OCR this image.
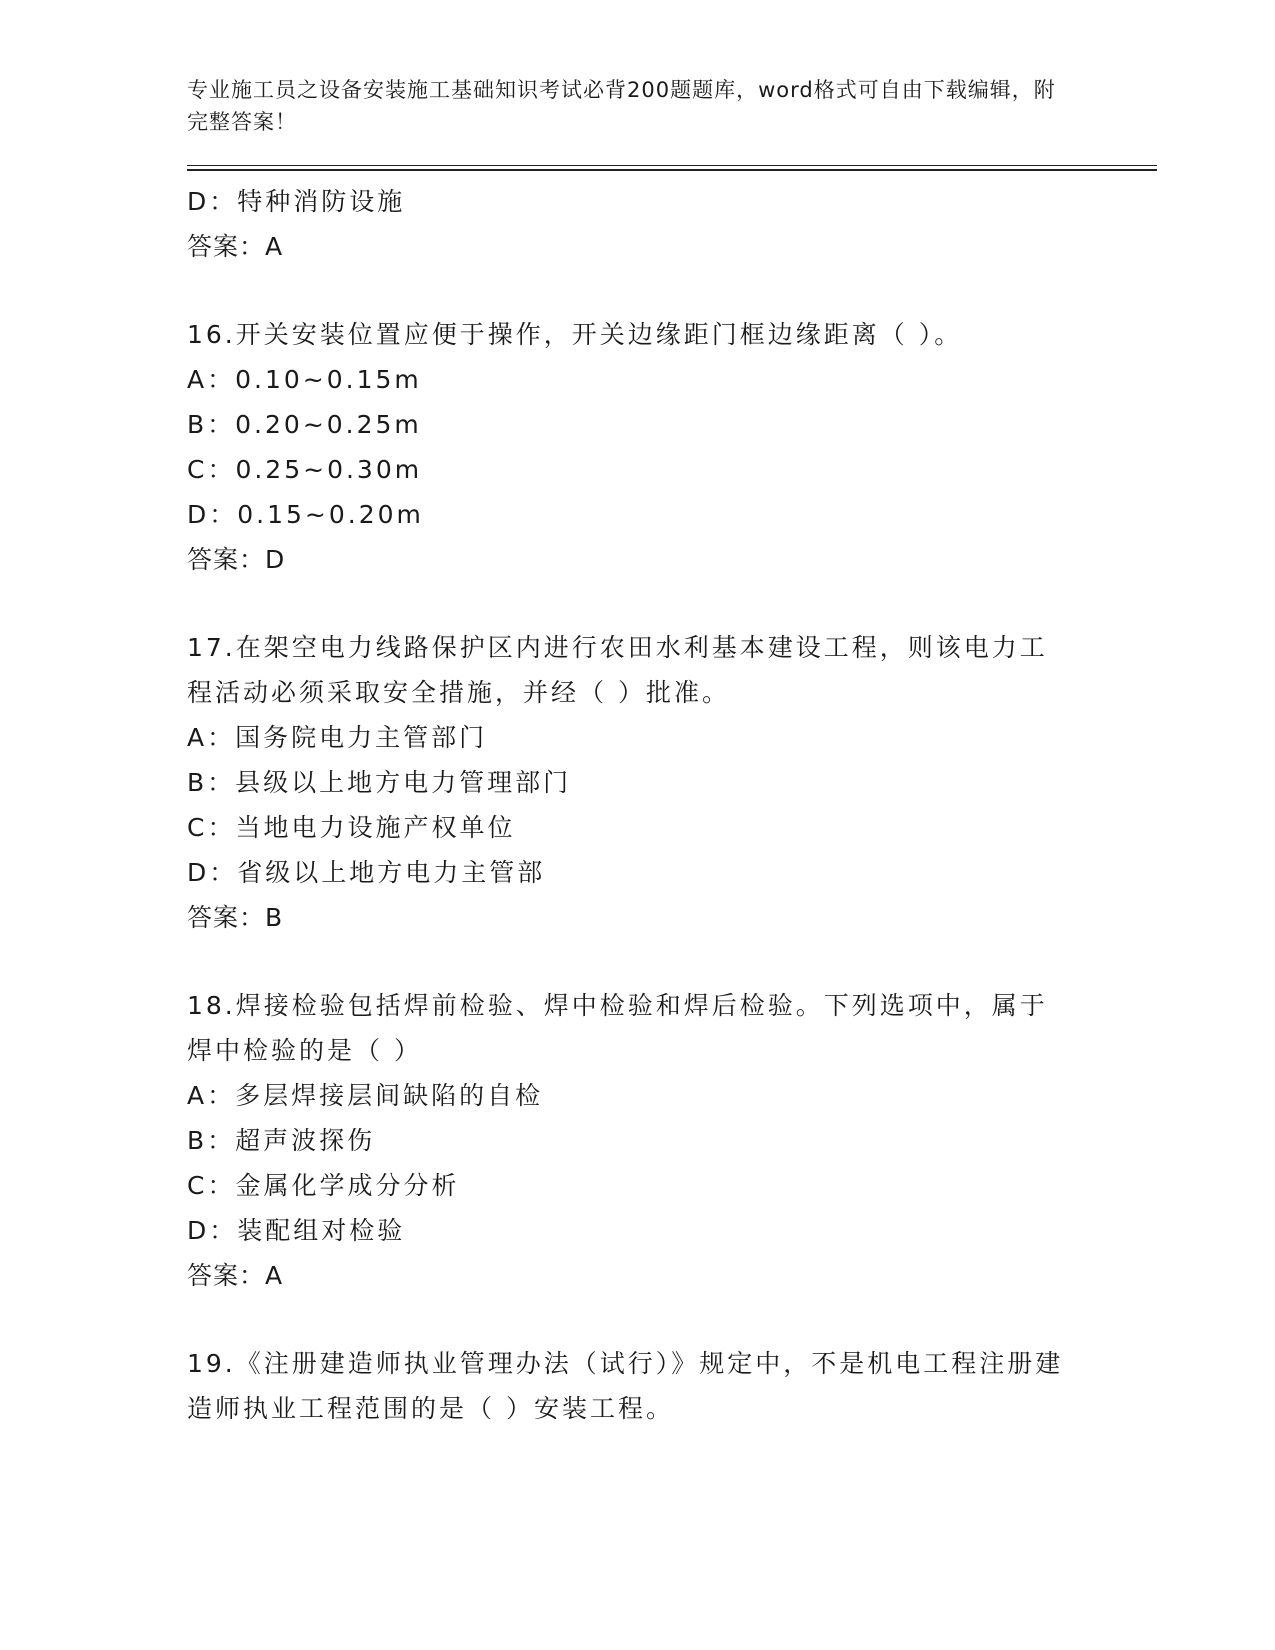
专业施工员之设备安装施工基础知识考试必背200题题库，word格式可自由下载编辑，附完整答案！
D：特种消防设施
答案：A
16.开关安装位置应便于操作，开关边缘距门框边缘距离（ ）。
A：0.10~0.15m
B：0.20~0.25m
C：0.25~0.30m
D：0.15~0.20m
答案：D
17.在架空电力线路保护区内进行农田水利基本建设工程，则该电力工程活动必须采取安全措施，并经（ ）批准。
A：国务院电力主管部门
B：县级以上地方电力管理部门
C：当地电力设施产权单位
D：省级以上地方电力主管部
答案：B
18.焊接检验包括焊前检验、焊中检验和焊后检验。下列选项中，属于焊中检验的是（ ）
A：多层焊接层间缺陷的自检
B：超声波探伤
C：金属化学成分分析
D：装配组对检验
答案：A
19.《注册建造师执业管理办法（试行）》规定中，不是机电工程注册建造师执业工程范围的是（ ）安装工程。
